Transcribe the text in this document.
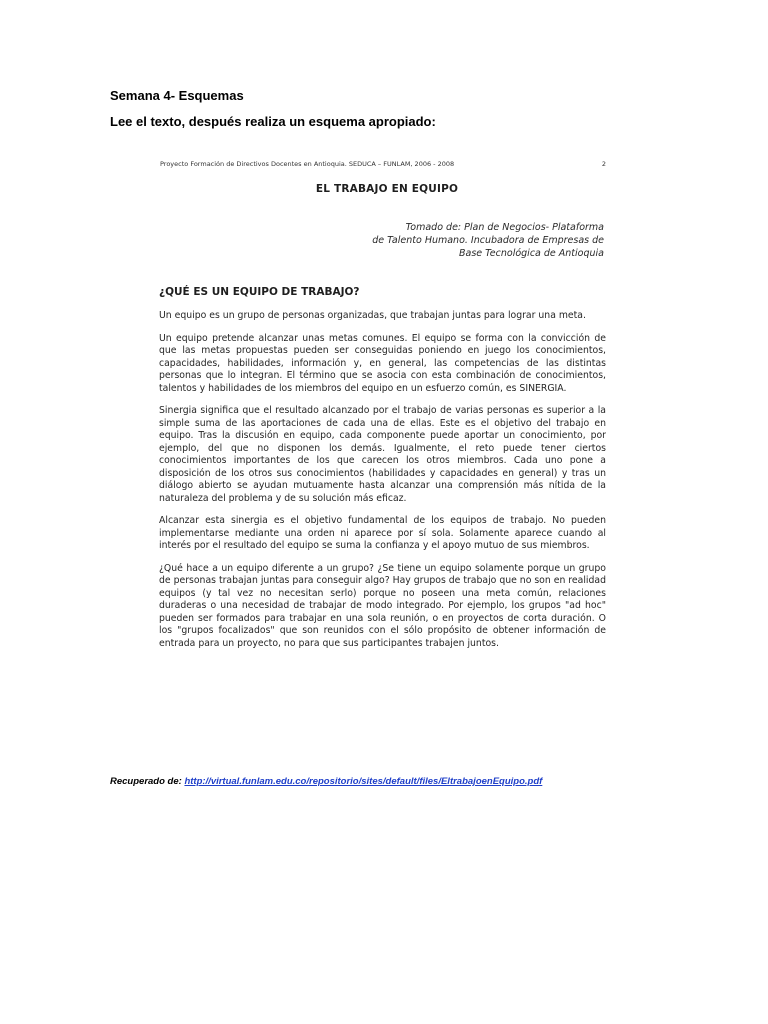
Semana 4- Esquemas
Lee el texto, después realiza un esquema apropiado:
Proyecto Formación de Directivos Docentes en Antioquia. SEDUCA – FUNLAM, 2006 - 2008	2
EL TRABAJO EN EQUIPO
Tomado de: Plan de Negocios- Plataforma
de Talento Humano. Incubadora de Empresas de
Base Tecnológica de Antioquia
¿QUÉ ES UN EQUIPO DE TRABAJO?

Un equipo es un grupo de personas organizadas, que trabajan juntas para lograr una meta.

Un equipo pretende alcanzar unas metas comunes. El equipo se forma con la convicción de que las metas propuestas pueden ser conseguidas poniendo en juego los conocimientos, capacidades, habilidades, información y, en general, las competencias de las distintas personas que lo integran. El término que se asocia con esta combinación de conocimientos, talentos y habilidades de los miembros del equipo en un esfuerzo común, es SINERGIA.

Sinergia significa que el resultado alcanzado por el trabajo de varias personas es superior a la simple suma de las aportaciones de cada una de ellas. Este es el objetivo del trabajo en equipo. Tras la discusión en equipo, cada componente puede aportar un conocimiento, por ejemplo, del que no disponen los demás. Igualmente, el reto puede tener ciertos conocimientos importantes de los que carecen los otros miembros. Cada uno pone a disposición de los otros sus conocimientos (habilidades y capacidades en general) y tras un diálogo abierto se ayudan mutuamente hasta alcanzar una comprensión más nítida de la naturaleza del problema y de su solución más eficaz.

Alcanzar esta sinergia es el objetivo fundamental de los equipos de trabajo. No pueden implementarse mediante una orden ni aparece por sí sola. Solamente aparece cuando al interés por el resultado del equipo se suma la confianza y el apoyo mutuo de sus miembros.

¿Qué hace a un equipo diferente a un grupo? ¿Se tiene un equipo solamente porque un grupo de personas trabajan juntas para conseguir algo? Hay grupos de trabajo que no son en realidad equipos (y tal vez no necesitan serlo) porque no poseen una meta común, relaciones duraderas o una necesidad de trabajar de modo integrado. Por ejemplo, los grupos "ad hoc" pueden ser formados para trabajar en una sola reunión, o en proyectos de corta duración. O los "grupos focalizados" que son reunidos con el sólo propósito de obtener información de entrada para un proyecto, no para que sus participantes trabajen juntos.

Recuperado de: http://virtual.funlam.edu.co/repositorio/sites/default/files/EltrabajoenEquipo.pdf
